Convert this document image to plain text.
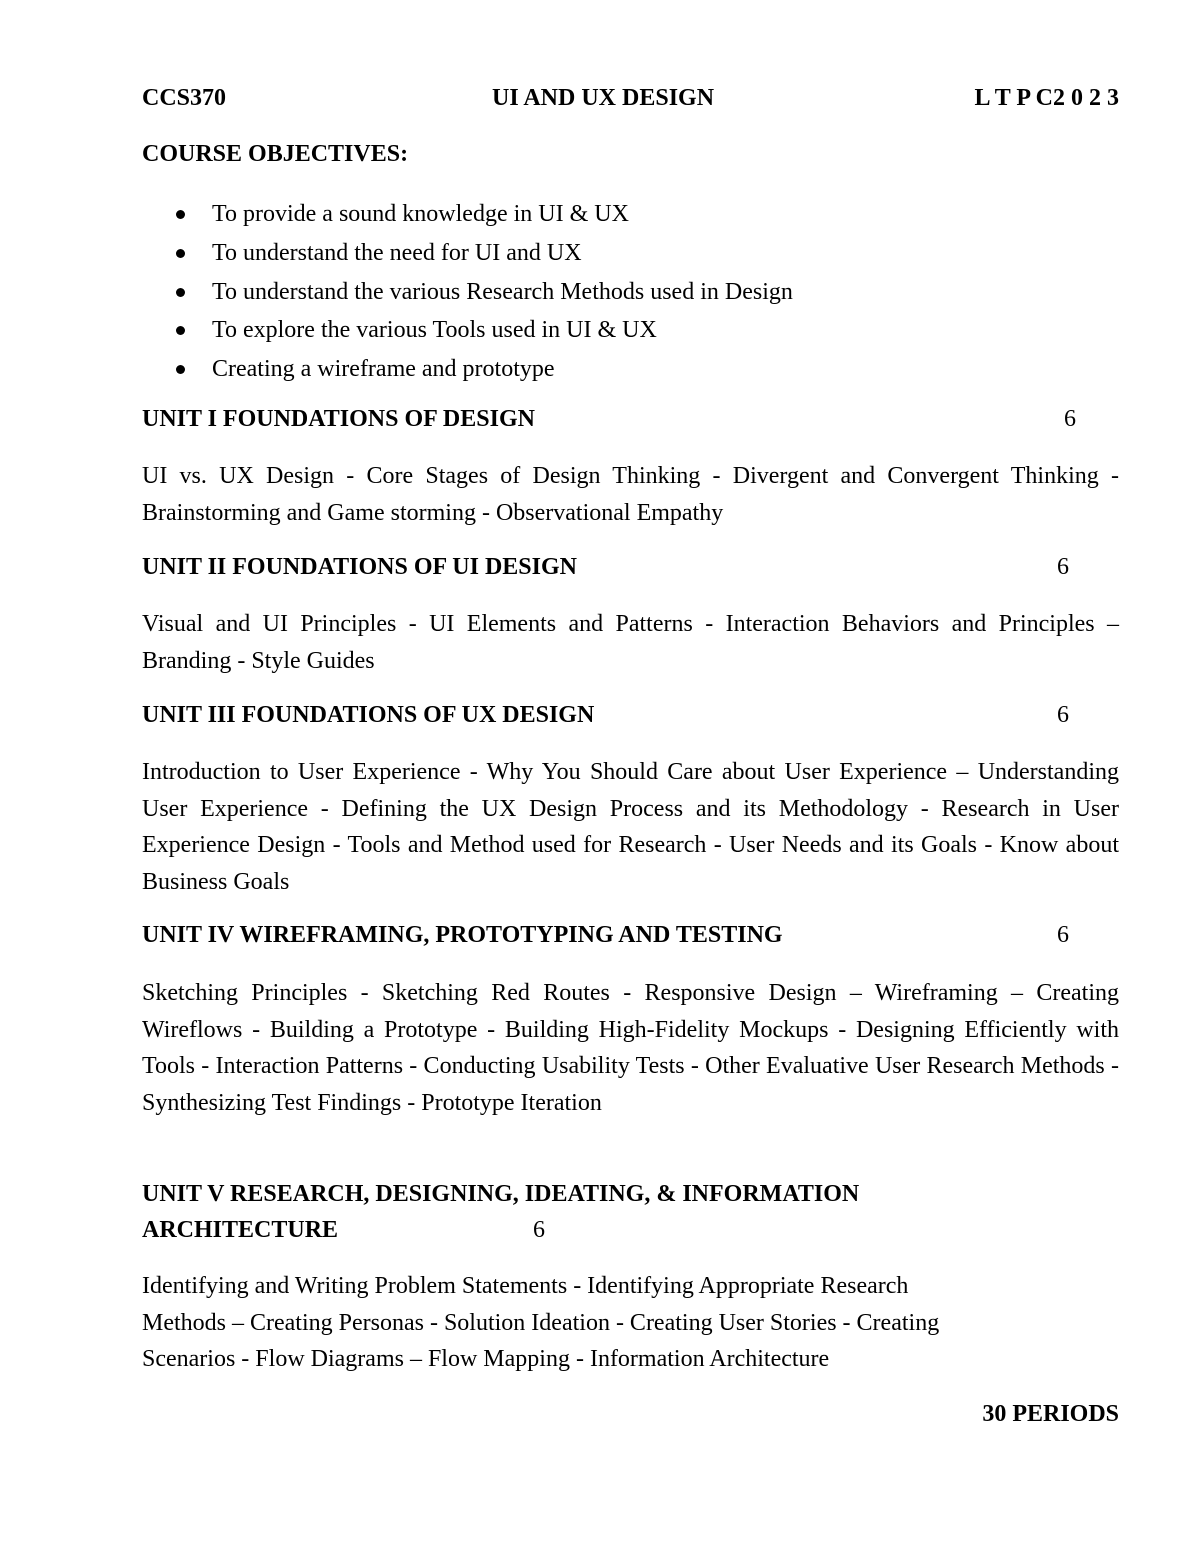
CCS370	UI AND UX DESIGN	L T P C2 0 2 3
COURSE OBJECTIVES:
To provide a sound knowledge in UI & UX
To understand the need for UI and UX
To understand the various Research Methods used in Design
To explore the various Tools used in UI & UX
Creating a wireframe and prototype
UNIT I FOUNDATIONS OF DESIGN	6
UI vs. UX Design - Core Stages of Design Thinking - Divergent and Convergent Thinking - Brainstorming and Game storming - Observational Empathy
UNIT II FOUNDATIONS OF UI DESIGN	6
Visual and UI Principles - UI Elements and Patterns - Interaction Behaviors and Principles – Branding - Style Guides
UNIT III FOUNDATIONS OF UX DESIGN	6
Introduction to User Experience - Why You Should Care about User Experience – Understanding User Experience - Defining the UX Design Process and its Methodology - Research in User Experience Design - Tools and Method used for Research - User Needs and its Goals - Know about Business Goals
UNIT IV WIREFRAMING, PROTOTYPING AND TESTING	6
Sketching Principles - Sketching Red Routes - Responsive Design – Wireframing – Creating Wireflows - Building a Prototype - Building High-Fidelity Mockups - Designing Efficiently with Tools - Interaction Patterns - Conducting Usability Tests - Other Evaluative User Research Methods - Synthesizing Test Findings - Prototype Iteration
UNIT V RESEARCH, DESIGNING, IDEATING, & INFORMATION
ARCHITECTURE	6
Identifying and Writing Problem Statements - Identifying Appropriate Research
Methods – Creating Personas - Solution Ideation - Creating User Stories - Creating
Scenarios - Flow Diagrams – Flow Mapping - Information Architecture
30 PERIODS
